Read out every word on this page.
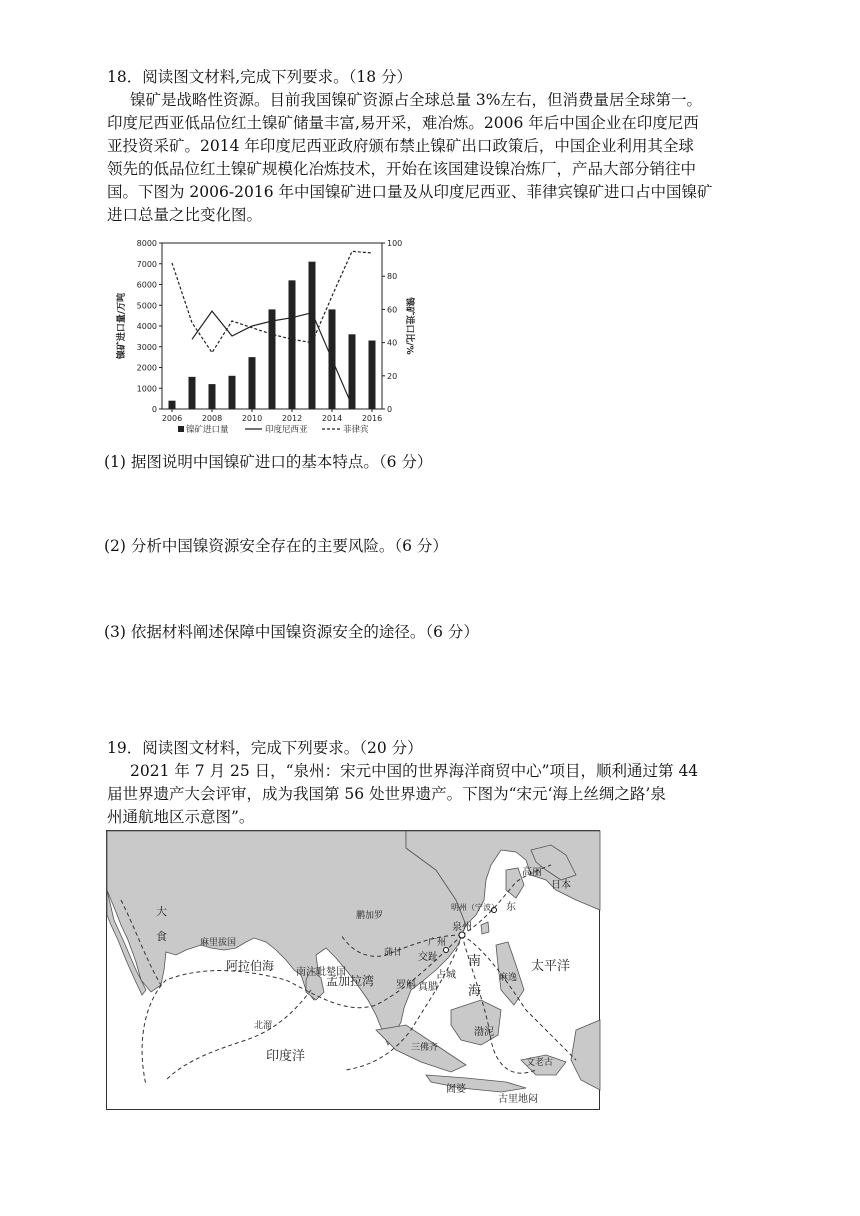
18．阅读图文材料,完成下列要求。（18 分）
镍矿是战略性资源。目前我国镍矿资源占全球总量 3%左右，但消费量居全球第一。
印度尼西亚低品位红土镍矿储量丰富,易开采，难冶炼。2006 年后中国企业在印度尼西
亚投资采矿。2014 年印度尼西亚政府颁布禁止镍矿出口政策后，中国企业利用其全球
领先的低品位红土镍矿规模化冶炼技术，开始在该国建设镍冶炼厂，产品大部分销往中
国。下图为 2006-2016 年中国镍矿进口量及从印度尼西亚、菲律宾镍矿进口占中国镍矿
进口总量之比变化图。
0
1000
2000
3000
4000
5000
6000
7000
8000
0
20
40
60
80
100
2006 2008 2010 2012 2014 2016
镍矿进口量/万吨	镍矿进口比/%
镍矿进口量	印度尼西亚	菲律宾
(1) 据图说明中国镍矿进口的基本特点。（6 分）
(2) 分析中国镍资源安全存在的主要风险。（6 分）
(3) 依据材料阐述保障中国镍资源安全的途径。（6 分）
19．阅读图文材料，完成下列要求。（20 分）
2021 年 7 月 25 日，“泉州：宋元中国的世界海洋商贸中心”项目，顺利通过第 44
届世界遗产大会评审，成为我国第 56 处世界遗产。下图为“宋元‘海上丝绸之路’泉
州通航地区示意图”。
大
食	麻里拔国
阿拉伯海 南注毗辇国
孟加拉湾
鹏加罗
蒲甘 交趾
真腊
占城
罗斛
南
海
麻逸
渤泥
三佛齐
阇婆
古里地闷
文老古
广州
泉州
明州（宁波）
高丽
日本
东
太平洋
印度洋
北溜
